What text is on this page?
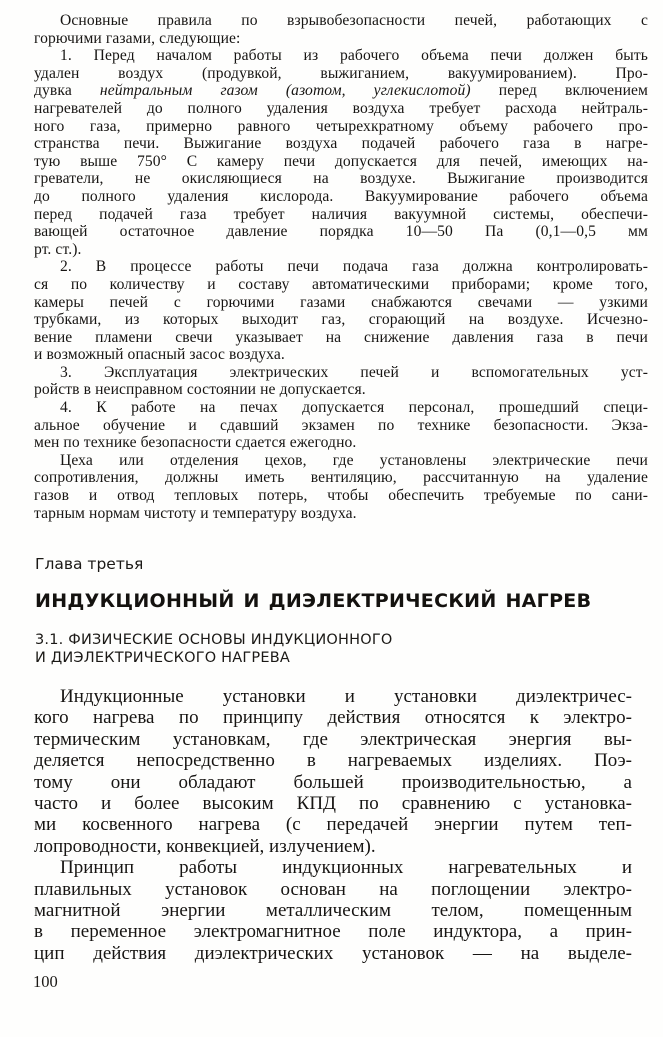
Основные правила по взрывобезопасности печей, работающих с
горючими газами, следующие:
1. Перед началом работы из рабочего объема печи должен быть
удален воздух (продувкой, выжиганием, вакуумированием). Про-
дувка нейтральным газом (азотом, углекислотой) перед включением
нагревателей до полного удаления воздуха требует расхода нейтраль-
ного газа, примерно равного четырехкратному объему рабочего про-
странства печи. Выжигание воздуха подачей рабочего газа в нагре-
тую выше 750° С камеру печи допускается для печей, имеющих на-
греватели, не окисляющиеся на воздухе. Выжигание производится
до полного удаления кислорода. Вакуумирование рабочего объема
перед подачей газа требует наличия вакуумной системы, обеспечи-
вающей остаточное давление порядка 10—50 Па (0,1—0,5 мм
рт. ст.).
2. В процессе работы печи подача газа должна контролировать-
ся по количеству и составу автоматическими приборами; кроме того,
камеры печей с горючими газами снабжаются свечами — узкими
трубками, из которых выходит газ, сгорающий на воздухе. Исчезно-
вение пламени свечи указывает на снижение давления газа в печи
и возможный опасный засос воздуха.
3. Эксплуатация электрических печей и вспомогательных уст-
ройств в неисправном состоянии не допускается.
4. К работе на печах допускается персонал, прошедший специ-
альное обучение и сдавший экзамен по технике безопасности. Экза-
мен по технике безопасности сдается ежегодно.
Цеха или отделения цехов, где установлены электрические печи
сопротивления, должны иметь вентиляцию, рассчитанную на удаление
газов и отвод тепловых потерь, чтобы обеспечить требуемые по сани-
тарным нормам чистоту и температуру воздуха.
Глава третья
ИНДУКЦИОННЫЙ И ДИЭЛЕКТРИЧЕСКИЙ НАГРЕВ
3.1. ФИЗИЧЕСКИЕ ОСНОВЫ ИНДУКЦИОННОГО
И ДИЭЛЕКТРИЧЕСКОГО НАГРЕВА
Индукционные установки и установки диэлектричес-
кого нагрева по принципу действия относятся к электро-
термическим установкам, где электрическая энергия вы-
деляется непосредственно в нагреваемых изделиях. Поэ-
тому они обладают большей производительностью, а
часто и более высоким КПД по сравнению с установка-
ми косвенного нагрева (с передачей энергии путем теп-
лопроводности, конвекцией, излучением).
Принцип работы индукционных нагревательных и
плавильных установок основан на поглощении электро-
магнитной энергии металлическим телом, помещенным
в переменное электромагнитное поле индуктора, а прин-
цип действия диэлектрических установок — на выделе-
100
